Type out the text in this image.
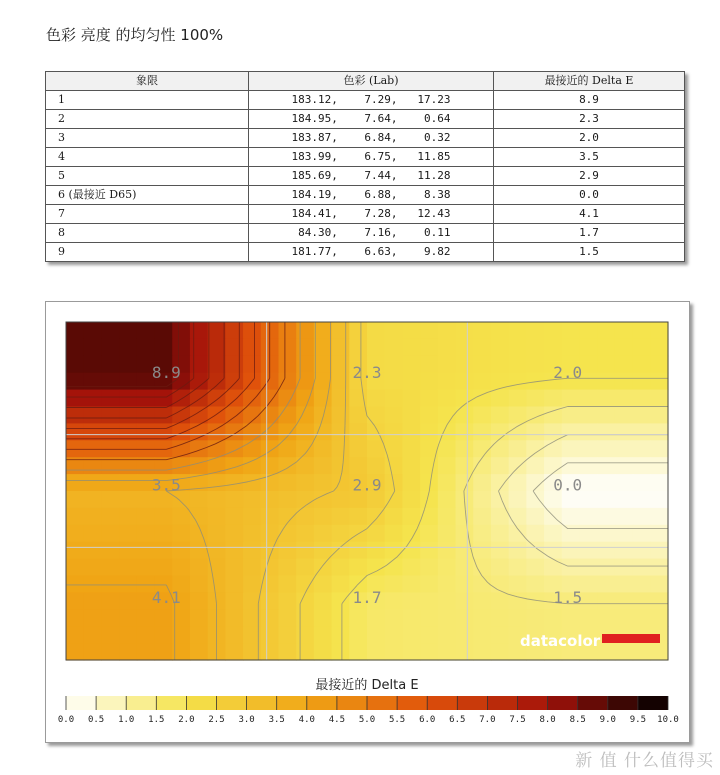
色彩 亮度 的均匀性 100%
象限	色彩 (Lab)	最接近的 Delta E
1	183.12,    7.29,   17.23	8.9
2	184.95,    7.64,    0.64	2.3
3	183.87,    6.84,    0.32	2.0
4	183.99,    6.75,   11.85	3.5
5	185.69,    7.44,   11.28	2.9
6 (最接近 D65)	184.19,    6.88,    8.38	0.0
7	184.41,    7.28,   12.43	4.1
8	84.30,    7.16,    0.11	1.7
9	181.77,    6.63,    9.82	1.5
8.9	2.3	2.0
3.5	2.9	0.0
4.1	1.7	1.5
datacolor
最接近的 Delta E
0.0 0.5 1.0 1.5 2.0 2.5 3.0 3.5 4.0 4.5 5.0 5.5 6.0 6.5 7.0 7.5 8.0 8.5 9.0 9.5 10.0
新 值 什么值得买
